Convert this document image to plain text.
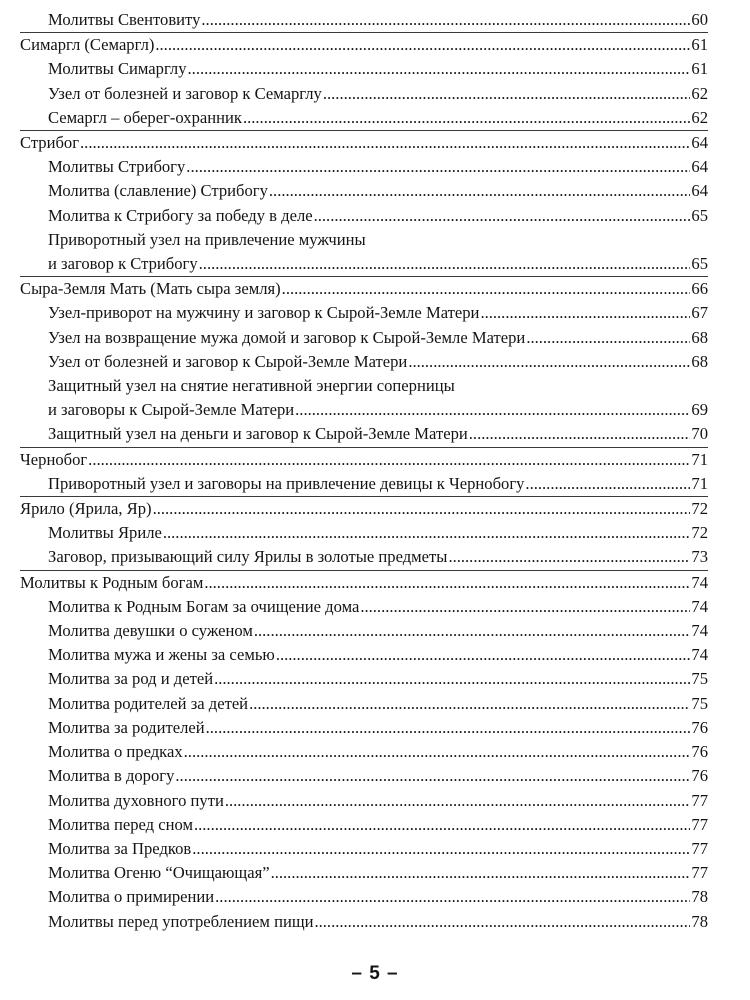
Молитвы Свентовиту .....	60
Симаргл (Семаргл) .....	61
Молитвы Симарглу .....	61
Узел от болезней и заговор к Семарглу .....	62
Семаргл – оберег-охранник .....	62
Стрибог .....	64
Молитвы Стрибогу .....	64
Молитва (славление) Стрибогу .....	64
Молитва к Стрибогу за победу в деле .....	65
Приворотный узел на привлечение мужчины
и заговор к Стрибогу .....	65
Сыра-Земля Мать (Мать сыра земля) .....	66
Узел-приворот на мужчину и заговор к Сырой-Земле Матери .....	67
Узел на возвращение мужа домой и заговор к Сырой-Земле Матери .....	68
Узел от болезней и заговор к Сырой-Земле Матери .....	68
Защитный узел на снятие негативной энергии соперницы
и заговоры к Сырой-Земле Матери .....	69
Защитный узел на деньги и заговор к Сырой-Земле Матери .....	70
Чернобог .....	71
Приворотный узел и заговоры на привлечение девицы к Чернобогу .....	71
Ярило (Ярила, Яр) .....	72
Молитвы Яриле .....	72
Заговор, призывающий силу Ярилы в золотые предметы .....	73
Молитвы к Родным богам .....	74
Молитва к Родным Богам за очищение дома .....	74
Молитва девушки о суженом .....	74
Молитва мужа и жены за семью .....	74
Молитва за род и детей .....	75
Молитва родителей за детей .....	75
Молитва за родителей .....	76
Молитва о предках .....	76
Молитва в дорогу .....	76
Молитва духовного пути .....	77
Молитва перед сном .....	77
Молитва за Предков .....	77
Молитва Огеню “Очищающая” .....	77
Молитва о примирении .....	78
Молитвы перед употреблением пищи .....	78
– 5 –
